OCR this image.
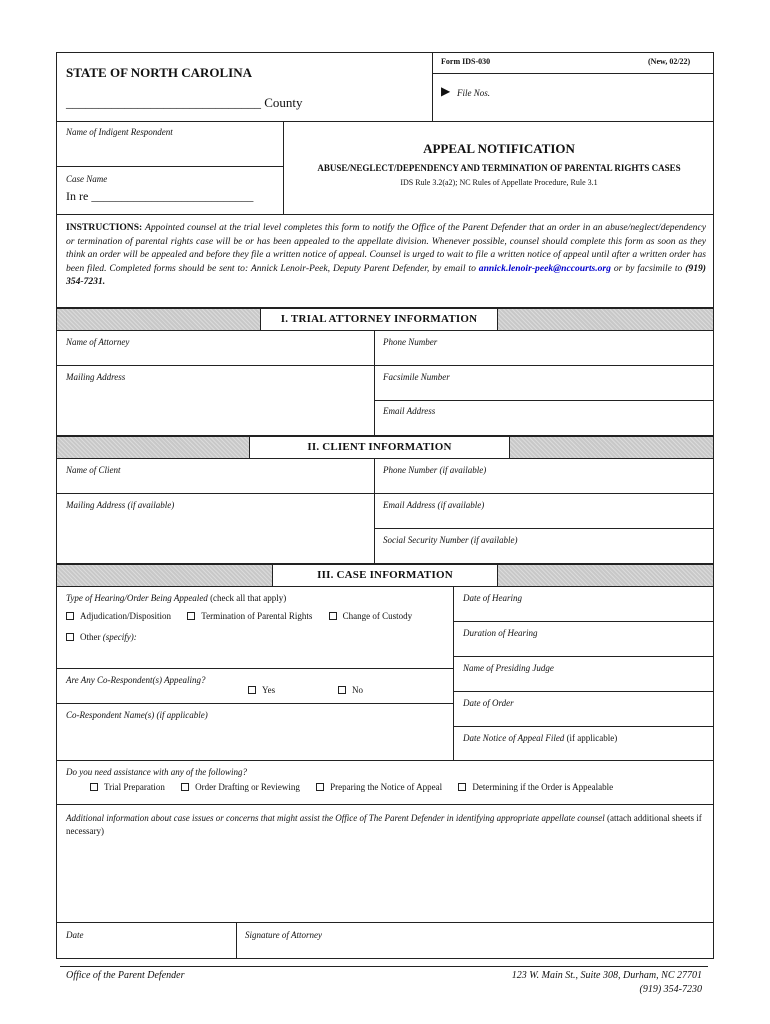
STATE OF NORTH CAROLINA
______________________________ County
Form IDS-030	(New, 02/22)
▶ File Nos.
Name of Indigent Respondent
Case Name
In re ___________________________
APPEAL NOTIFICATION
ABUSE/NEGLECT/DEPENDENCY AND TERMINATION OF PARENTAL RIGHTS CASES
IDS Rule 3.2(a2); NC Rules of Appellate Procedure, Rule 3.1
INSTRUCTIONS: Appointed counsel at the trial level completes this form to notify the Office of the Parent Defender that an order in an abuse/neglect/dependency or termination of parental rights case will be or has been appealed to the appellate division. Whenever possible, counsel should complete this form as soon as they think an order will be appealed and before they file a written notice of appeal. Counsel is urged to wait to file a written notice of appeal until after a written order has been filed. Completed forms should be sent to: Annick Lenoir-Peek, Deputy Parent Defender, by email to annick.lenoir-peek@nccourts.org or by facsimile to (919) 354-7231.
I. TRIAL ATTORNEY INFORMATION
Name of Attorney	Phone Number
Mailing Address	Facsimile Number
Email Address
II. CLIENT INFORMATION
Name of Client	Phone Number (if available)
Mailing Address (if available)	Email Address (if available)
Social Security Number (if available)
III. CASE INFORMATION
Type of Hearing/Order Being Appealed (check all that apply)
Adjudication/Disposition	Termination of Parental Rights	Change of Custody
Other (specify):
Date of Hearing
Duration of Hearing
Name of Presiding Judge
Date of Order
Date Notice of Appeal Filed (if applicable)
Are Any Co-Respondent(s) Appealing?
Yes	No
Co-Respondent Name(s) (if applicable)
Do you need assistance with any of the following?
Trial Preparation	Order Drafting or Reviewing	Preparing the Notice of Appeal	Determining if the Order is Appealable
Additional information about case issues or concerns that might assist the Office of The Parent Defender in identifying appropriate appellate counsel (attach additional sheets if necessary)
Date	Signature of Attorney
Office of the Parent Defender	123 W. Main St., Suite 308, Durham, NC 27701
(919) 354-7230
